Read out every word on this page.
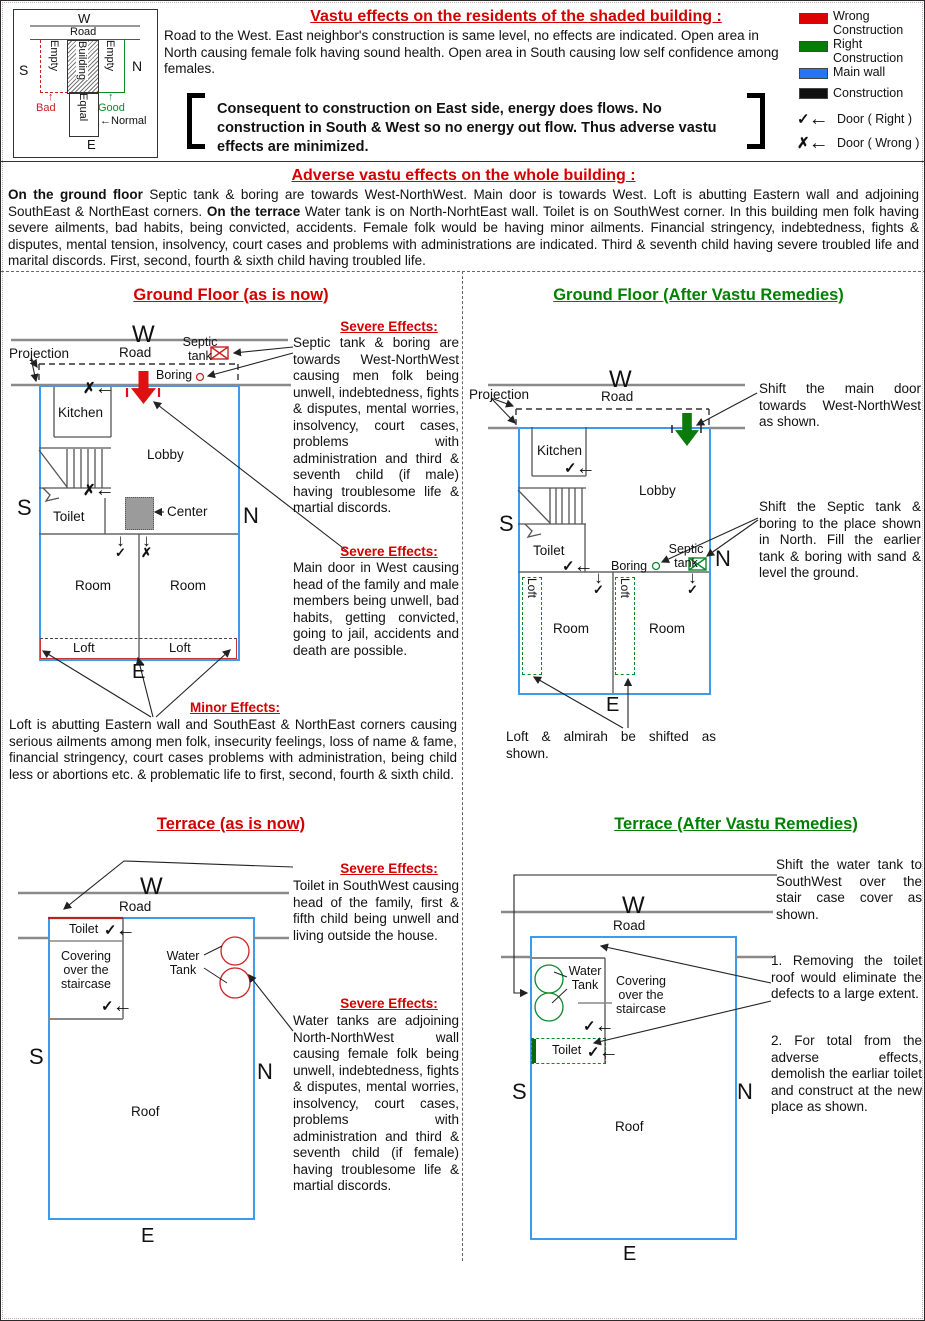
W
Road
S	N
Empty	Building	Empty
↑
Bad
↑
Good
Equal	←Normal
E
Vastu effects on the residents of the shaded building :
Road to the West. East neighbor's construction is same level, no effects are indicated. Open area in North causing female folk having sound health. Open area in South causing low self confidence among females.
Consequent to construction on East side, energy does flows. No construction in South & West so no energy out flow. Thus adverse vastu effects are minimized.
Wrong Construction
Right Construction
Main wall
Construction
✓ ← Door ( Right )
✗ ← Door ( Wrong )
Adverse vastu effects on the whole building :
On the ground floor Septic tank & boring are towards West-NorthWest. Main door is towards West. Loft is abutting Eastern wall and adjoining SouthEast & NorthEast corners. On the terrace Water tank is on North-NorhtEast wall. Toilet is on SouthWest corner. In this building men folk having severe ailments, bad habits, being convicted, accidents. Female folk would be having minor ailments. Financial stringency, indebtedness, fights & disputes, mental tension, insolvency, court cases and problems with administrations are indicated. Third & seventh child having severe troubled life and marital discords. First, second, fourth & sixth child having troubled life.
Ground Floor (as is now)
W
Projection	Road
Septic tank
Boring
✗ ←
Kitchen
Lobby
✗ ←
S	N
Toilet	Center
↓
✓
↓
✗
Room	Room
Loft	Loft
E
Severe Effects:
Septic tank & boring are towards West-NorthWest causing men folk being unwell, indebtedness, fights & disputes, mental worries, insolvency, court cases, problems with administration and third & seventh child (if male) having troublesome life & martial discords.
Severe Effects:
Main door in West causing head of the family and male members being unwell, bad habits, getting convicted, going to jail, accidents and death are possible.
Minor Effects:
Loft is abutting Eastern wall and SouthEast & NorthEast corners causing serious ailments among men folk, insecurity feelings, loss of name & fame, financial stringency, court cases problems with administration, being child less or abortions etc. & problematic life to first, second, fourth & sixth child.
Ground Floor (After Vastu Remedies)
W
Projection	Road
Kitchen
✓ ←
Lobby
S
Toilet
✓ ← Boring
Septic tank N
↓
✓
↓
✓
Loft	Loft
Room	Room
E
Shift the main door towards West-NorthWest as shown.
Shift the Septic tank & boring to the place shown in North. Fill the earlier tank & boring with sand & level the ground.
Loft & almirah be shifted as shown.
Terrace (as is now)
W
Road
Toilet ✓ ←
Covering over the staircase
✓ ←
Water Tank
S
N
Roof
E
Severe Effects:
Toilet in SouthWest causing head of the family, first & fifth child being unwell and living outside the house.
Severe Effects:
Water tanks are adjoining North-NorthWest wall causing female folk being unwell, indebtedness, fights & disputes, mental worries, insolvency, court cases, problems with administration and third & seventh child (if female) having troublesome life & martial discords.
Terrace (After Vastu Remedies)
W
Road
Water Tank	Covering over the staircase
✓ ←
Toilet ✓ ←
S	N
Roof
E
Shift the water tank to SouthWest over the stair case cover as shown.
1. Removing the toilet roof would eliminate the defects to a large extent.
2. For total from the adverse effects, demolish the earliar toilet and construct at the new place as shown.
